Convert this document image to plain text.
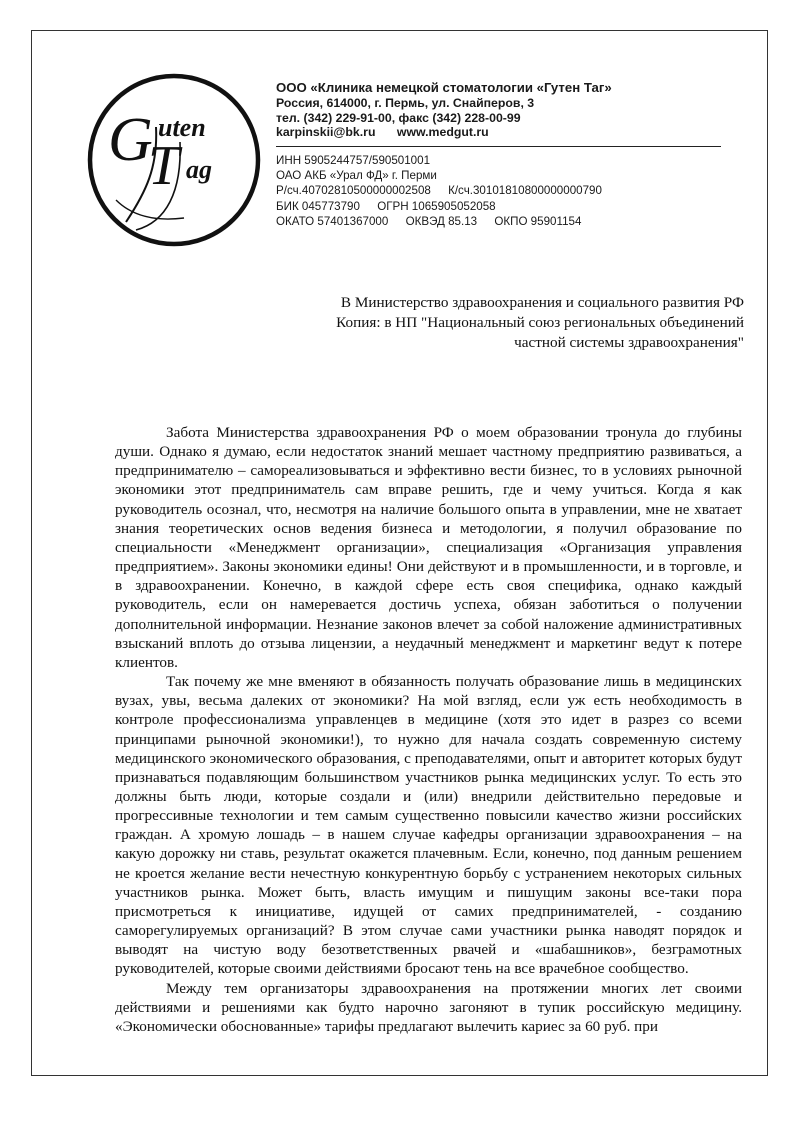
G uten
T ag

ООО «Клиника немецкой стоматологии «Гутен Таг»

Россия, 614000, г. Пермь, ул. Снайперов, 3

тел. (342) 229-91-00, факс (342) 228-00-99

karpinskii@bk.ru www.medgut.ru

ИНН 5905244757/590501001

ОАО АКБ «Урал ФД» г. Перми

Р/сч.40702810500000002508 К/сч.30101810800000000790

БИК 045773790 ОГРН 1065905052058

ОКАТО 57401367000 ОКВЭД 85.13 ОКПО 95901154

В Министерство здравоохранения и социального развития РФ
Копия: в НП "Национальный союз региональных объединений
частной системы здравоохранения"

Забота Министерства здравоохранения РФ о моем образовании тронула до глубины души. Однако я думаю, если недостаток знаний мешает частному предприятию развиваться, а предпринимателю – самореализовываться и эффективно вести бизнес, то в условиях рыночной экономики этот предприниматель сам вправе решить, где и чему учиться. Когда я как руководитель осознал, что, несмотря на наличие большого опыта в управлении, мне не хватает знания теоретических основ ведения бизнеса и методологии, я получил образование по специальности «Менеджмент организации», специализация «Организация управления предприятием». Законы экономики едины! Они действуют и в промышленности, и в торговле, и в здравоохранении. Конечно, в каждой сфере есть своя специфика, однако каждый руководитель, если он намеревается достичь успеха, обязан заботиться о получении дополнительной информации. Незнание законов влечет за собой наложение административных взысканий вплоть до отзыва лицензии, а неудачный менеджмент и маркетинг ведут к потере клиентов.

Так почему же мне вменяют в обязанность получать образование лишь в медицинских вузах, увы, весьма далеких от экономики? На мой взгляд, если уж есть необходимость в контроле профессионализма управленцев в медицине (хотя это идет в разрез со всеми принципами рыночной экономики!), то нужно для начала создать современную систему медицинского экономического образования, с преподавателями, опыт и авторитет которых будут признаваться подавляющим большинством участников рынка медицинских услуг. То есть это должны быть люди, которые создали и (или) внедрили действительно передовые и прогрессивные технологии и тем самым существенно повысили качество жизни российских граждан. А хромую лошадь – в нашем случае кафедры организации здравоохранения – на какую дорожку ни ставь, результат окажется плачевным. Если, конечно, под данным решением не кроется желание вести нечестную конкурентную борьбу с устранением некоторых сильных участников рынка. Может быть, власть имущим и пишущим законы все-таки пора присмотреться к инициативе, идущей от самих предпринимателей, - созданию саморегулируемых организаций? В этом случае сами участники рынка наводят порядок и выводят на чистую воду безответственных рвачей и «шабашников», безграмотных руководителей, которые своими действиями бросают тень на все врачебное сообщество.

Между тем организаторы здравоохранения на протяжении многих лет своими действиями и решениями как будто нарочно загоняют в тупик российскую медицину. «Экономически обоснованные» тарифы предлагают вылечить кариес за 60 руб. при
